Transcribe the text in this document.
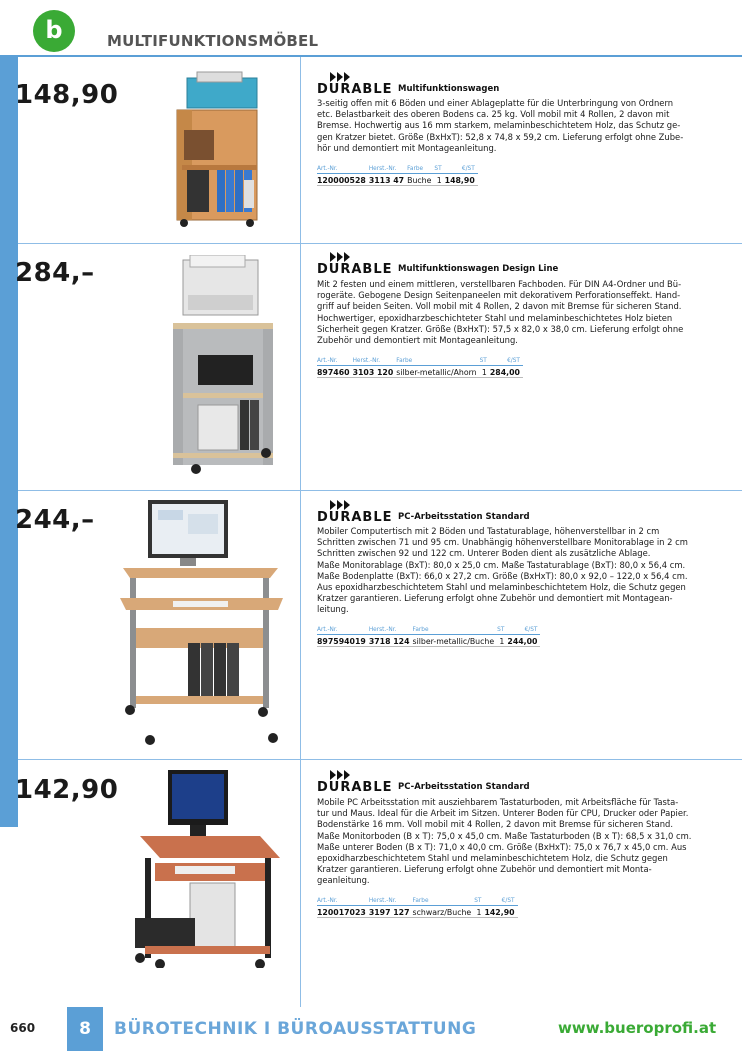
b	MULTIFUNKTIONSMÖBEL
148,90	DURABLE Multifunktionswagen
3-seitig offen mit 6 Böden und einer Ablageplatte für die Unterbringung von Ordnern
etc. Belastbarkeit des oberen Bodens ca. 25 kg. Voll mobil mit 4 Rollen, 2 davon mit
Bremse. Hochwertig aus 16 mm starkem, melaminbeschichtetem Holz, das Schutz ge-
gen Kratzer bietet. Größe (BxHxT): 52,8 x 74,8 x 59,2 cm. Lieferung erfolgt ohne Zube-
hör und demontiert mit Montageanleitung.
Art.-Nr.	Herst.-Nr.	Farbe	ST	€/ST
120000528	3113 47	Buche	1	148,90
284,–	DURABLE Multifunktionswagen Design Line
Mit 2 festen und einem mittleren, verstellbaren Fachboden. Für DIN A4-Ordner und Bü-
rogeräte. Gebogene Design Seitenpaneelen mit dekorativem Perforationseffekt. Hand-
griff auf beiden Seiten. Voll mobil mit 4 Rollen, 2 davon mit Bremse für sicheren Stand.
Hochwertiger, epoxidharzbeschichteter Stahl und melaminbeschichtetes Holz bieten
Sicherheit gegen Kratzer. Größe (BxHxT): 57,5 x 82,0 x 38,0 cm. Lieferung erfolgt ohne
Zubehör und demontiert mit Montageanleitung.
Art.-Nr.	Herst.-Nr.	Farbe	ST	€/ST
897460	3103 120	silber-metallic/Ahorn	1	284,00
244,–	DURABLE PC-Arbeitsstation Standard
Mobiler Computertisch mit 2 Böden und Tastaturablage, höhenverstellbar in 2 cm
Schritten zwischen 71 und 95 cm. Unabhängig höhenverstellbare Monitorablage in 2 cm
Schritten zwischen 92 und 122 cm. Unterer Boden dient als zusätzliche Ablage.
Maße Monitorablage (BxT): 80,0 x 25,0 cm. Maße Tastaturablage (BxT): 80,0 x 56,4 cm.
Maße Bodenplatte (BxT): 66,0 x 27,2 cm. Größe (BxHxT): 80,0 x 92,0 – 122,0 x 56,4 cm.
Aus epoxidharzbeschichtetem Stahl und melaminbeschichtetem Holz, die Schutz gegen
Kratzer garantieren. Lieferung erfolgt ohne Zubehör und demontiert mit Montagean-
leitung.
Art.-Nr.	Herst.-Nr.	Farbe	ST	€/ST
897594019	3718 124	silber-metallic/Buche	1	244,00
142,90	DURABLE PC-Arbeitsstation Standard
Mobile PC Arbeitsstation mit ausziehbarem Tastaturboden, mit Arbeitsfläche für Tasta-
tur und Maus. Ideal für die Arbeit im Sitzen. Unterer Boden für CPU, Drucker oder Papier.
Bodenstärke 16 mm. Voll mobil mit 4 Rollen, 2 davon mit Bremse für sicheren Stand.
Maße Monitorboden (B x T): 75,0 x 45,0 cm. Maße Tastaturboden (B x T): 68,5 x 31,0 cm.
Maße unterer Boden (B x T): 71,0 x 40,0 cm. Größe (BxHxT): 75,0 x 76,7 x 45,0 cm. Aus
epoxidharzbeschichtetem Stahl und melaminbeschichtetem Holz, die Schutz gegen
Kratzer garantieren. Lieferung erfolgt ohne Zubehör und demontiert mit Monta-
geanleitung.
Art.-Nr.	Herst.-Nr.	Farbe	ST	€/ST
120017023	3197 127	schwarz/Buche	1	142,90
660	8	BÜROTECHNIK I BÜROAUSSTATTUNG	www.bueroprofi.at
